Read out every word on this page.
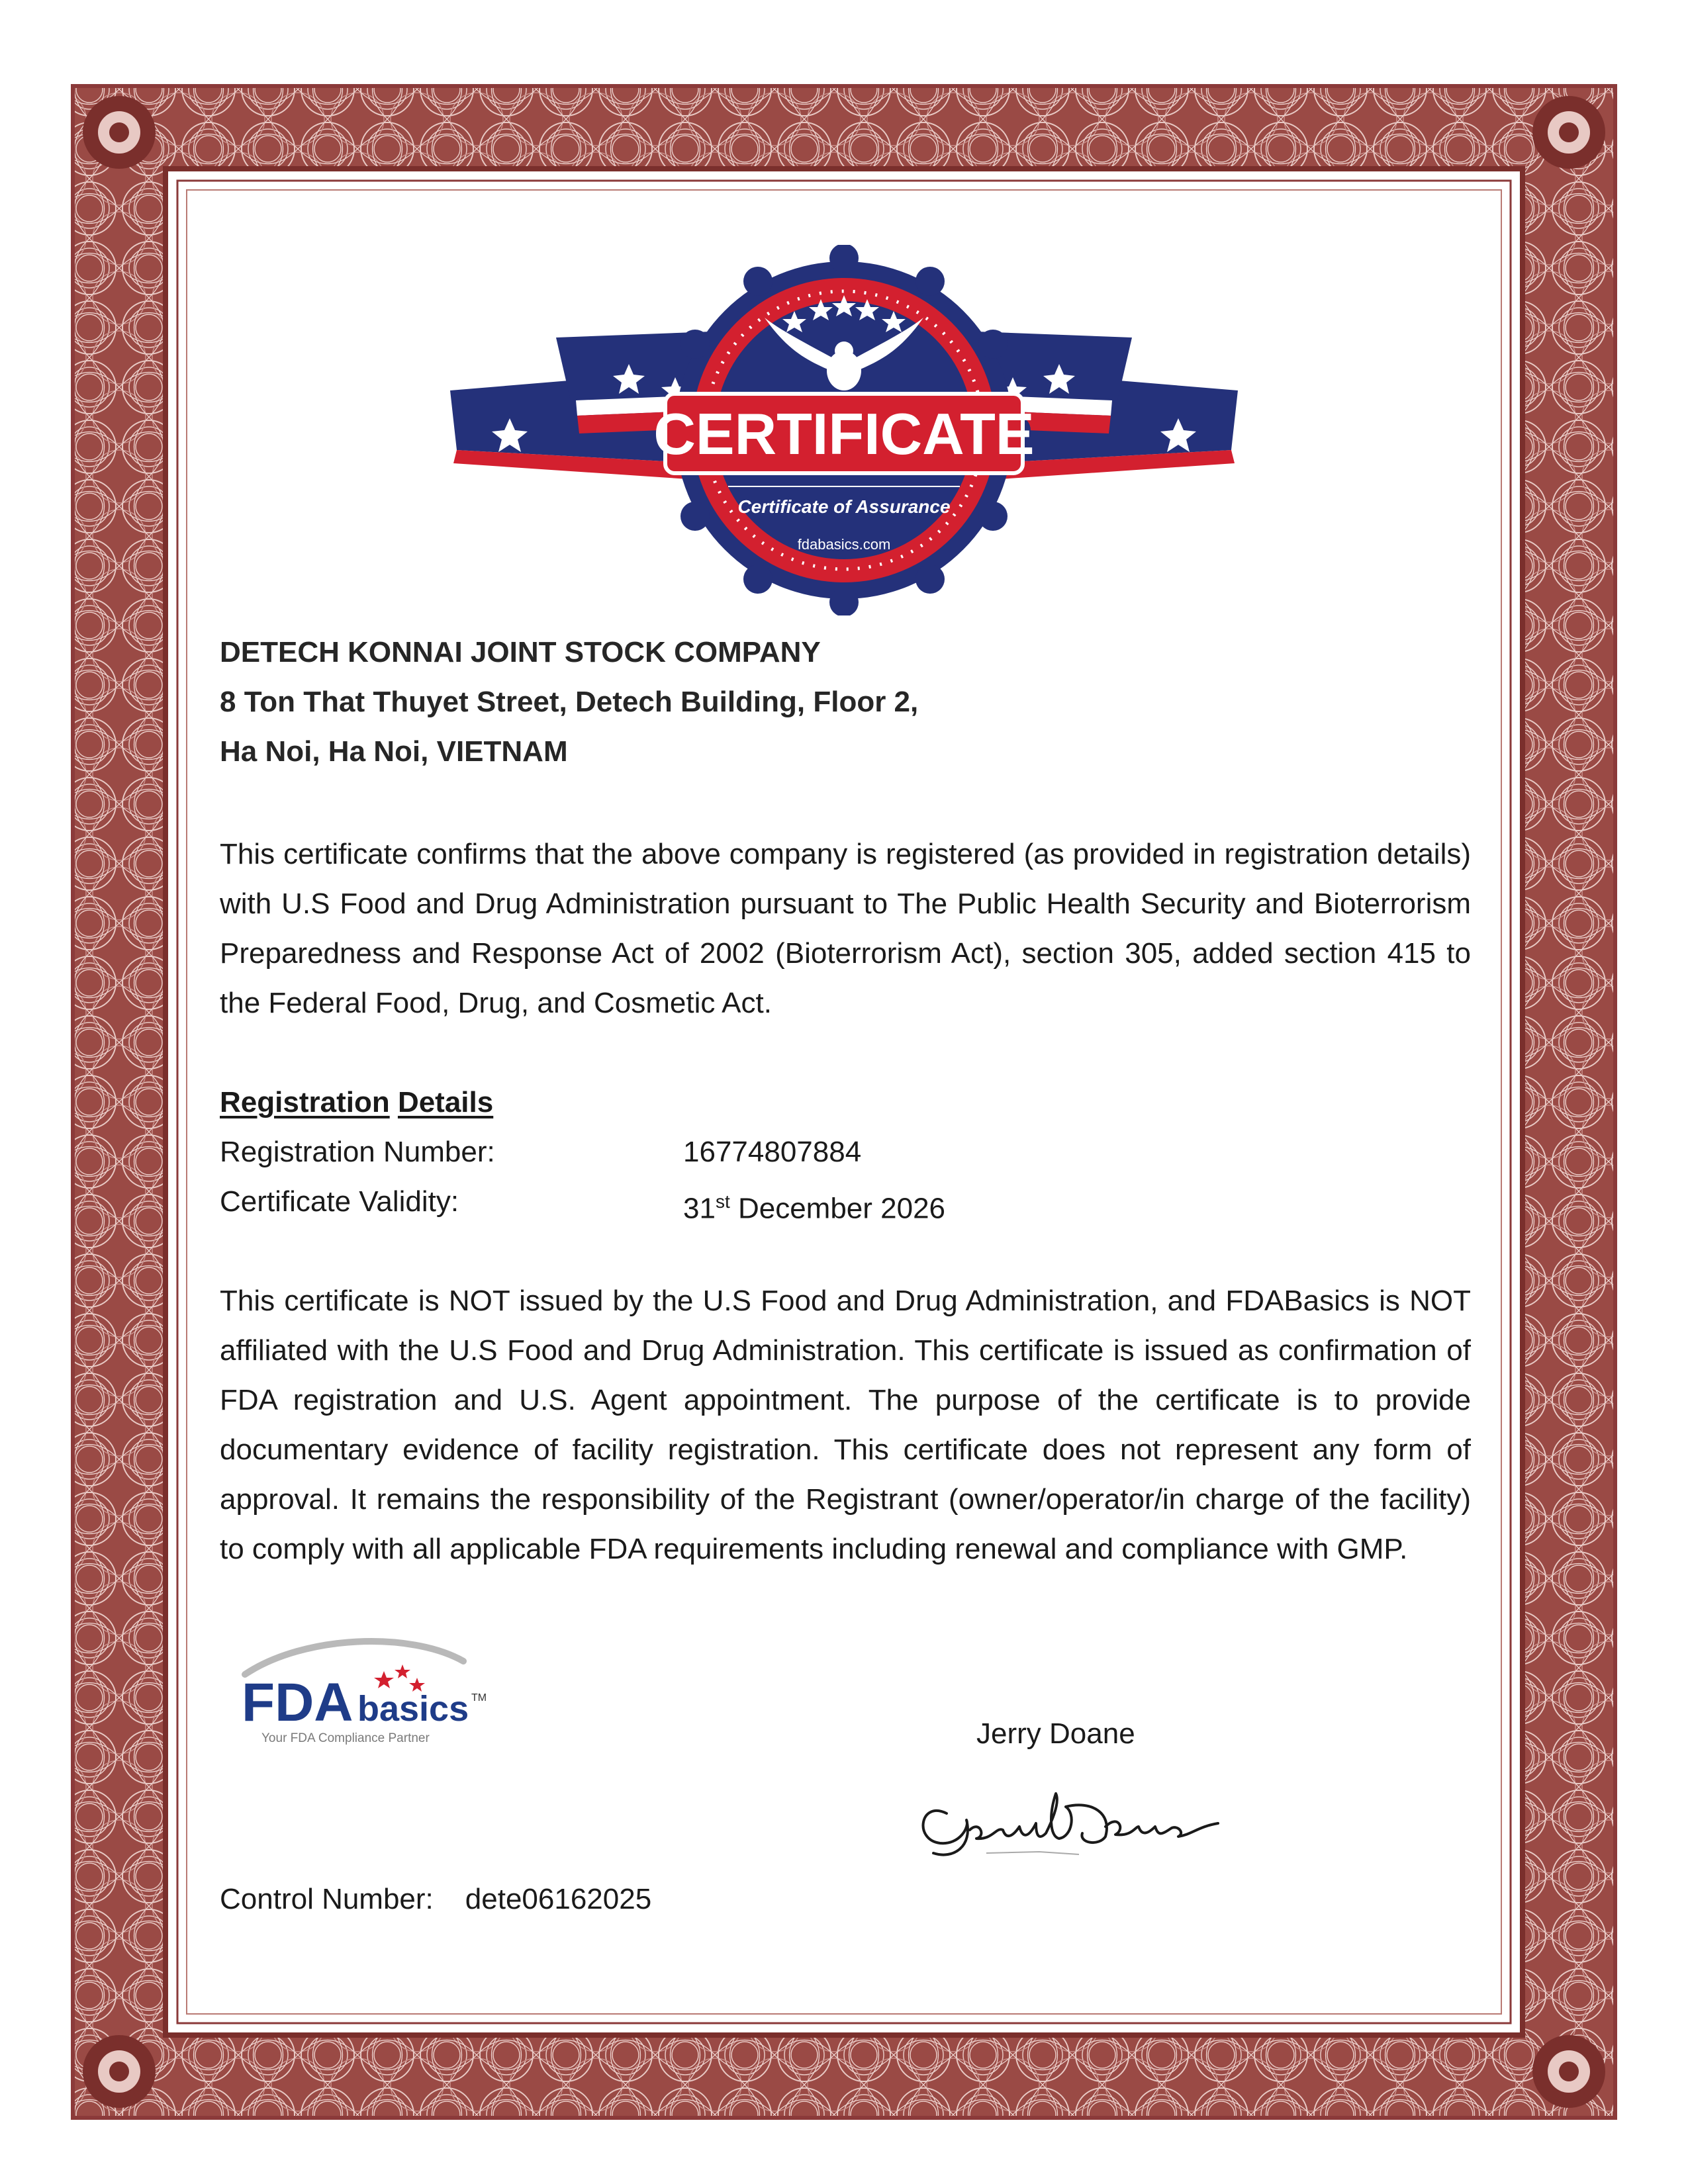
CERTIFICATE
Certificate of Assurance
fdabasics.com
DETECH KONNAI JOINT STOCK COMPANY
8 Ton That Thuyet Street, Detech Building, Floor 2,
Ha Noi, Ha Noi, VIETNAM
This certificate confirms that the above company is registered (as provided in registration details) with U.S Food and Drug Administration pursuant to The Public Health Security and Bioterrorism Preparedness and Response Act of 2002 (Bioterrorism Act), section 305, added section 415 to the Federal Food, Drug, and Cosmetic Act.
Registration Details
Registration Number:	16774807884
Certificate Validity:	31st December 2026
This certificate is NOT issued by the U.S Food and Drug Administration, and FDABasics is NOT affiliated with the U.S Food and Drug Administration. This certificate is issued as confirmation of FDA registration and U.S. Agent appointment. The purpose of the certificate is to provide documentary evidence of facility registration. This certificate does not represent any form of approval. It remains the responsibility of the Registrant (owner/operator/in charge of the facility) to comply with all applicable FDA requirements including renewal and compliance with GMP.
FDA basics TM
Your FDA Compliance Partner	Jerry Doane
Control Number: dete06162025
